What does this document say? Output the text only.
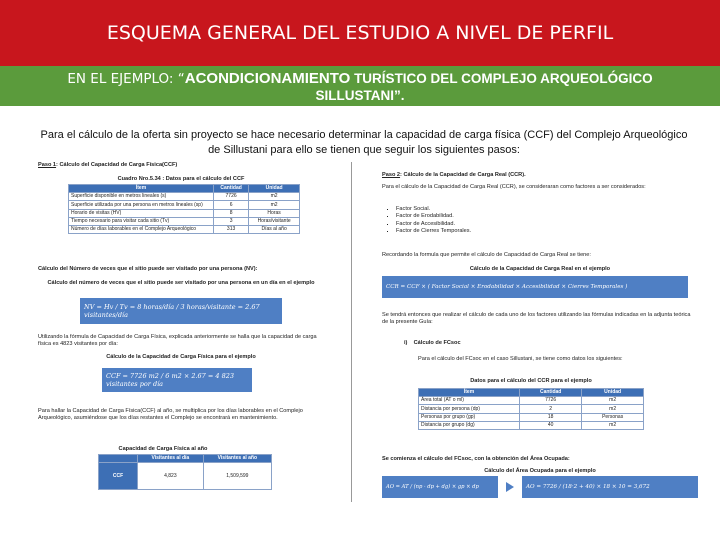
ESQUEMA GENERAL DEL ESTUDIO A NIVEL DE PERFIL
EN EL EJEMPLO: “ACONDICIONAMIENTO TURÍSTICO DEL COMPLEJO ARQUEOLÓGICO
SILLUSTANI”.
Para el cálculo de la oferta sin proyecto se hace necesario determinar la capacidad de carga física (CCF) del Complejo Arqueológico de Sillustani para ello se tienen que seguir los siguientes pasos:
Paso 1: Cálculo del Capacidad de Carga Física(CCF)
Cuadro Nro.5.34 : Datos para el cálculo del CCF
Ítem	Cantidad	Unidad
Superficie disponible en metros lineales (s)	7726	m2
Superficie utilizada por una persona en metros lineales (sp)	6	m2
Horario de visitas (HV)	8	Horas
Tiempo necesario para visitar cada sitio (Tv)	3	Horas/visitante
Número de días laborables en el Complejo Arqueológico	313	Días al año
Cálculo del Número de veces que el sitio puede ser visitado por una persona (NV):
Cálculo del número de veces que el sitio puede ser visitado por una persona en un día en el ejemplo
NV = Hv / Tv = 8 horas/día / 3 horas/visitante = 2.67 visitantes/día
Utilizando la fórmula de Capacidad de Carga Física, explicada anteriormente se halla que la capacidad de carga física es 4823 visitantes por día:
Cálculo de la Capacidad de Carga Física para el ejemplo
CCF = 7726 m2 / 6 m2 × 2.67 = 4 823 visitantes por día
Para hallar la Capacidad de Carga Física(CCF) al año, se multiplica por los días laborables en el Complejo Arqueológico, asumiéndose que los días restantes el Complejo se encontrará en mantenimiento.
Capacidad de Carga Física al año
	Visitantes al día	Visitantes al año
CCF	4,823	1,509,599
Paso 2: Cálculo de la Capacidad de Carga Real (CCR).
Para el cálculo de la Capacidad de Carga Real (CCR), se consideraran como factores a ser considerados:
▪ Factor Social.
▪ Factor de Erodabilidad.
▪ Factor de Accesibilidad.
▪ Factor de Cierres Temporales.
Recordando la formula que permite el cálculo de Capacidad de Carga Real se tiene:
Cálculo de la Capacidad de Carga Real en el ejemplo
CCR = CCF × ( Factor Social × Erodabilidad × Accesibilidad × Cierres Temporales )
Se tendrá entonces que realizar el cálculo de cada uno de los factores utilizando las fórmulas indicadas en la adjunta teórica de la presente Guía:
i) Cálculo de FCsoc
Para el cálculo del FCsoc en el caso Sillustani, se tiene como datos los siguientes:
Datos para el cálculo del CCR para el ejemplo
Ítem	Cantidad	Unidad
Área total (AT o ml)	7726	m2
Distancia por persona (dp)	2	m2
Personas por grupo (gp)	18	Personas
Distancia por grupo (dg)	40	m2
Se comienza el cálculo del FCsoc, con la obtención del Área Ocupada:
Cálculo del Área Ocupada para el ejemplo
AO = AT / (np · dp + dg) × gp × dp	AO = 7726 / (18·2 + 40) × 18 × 10 = 3,672
